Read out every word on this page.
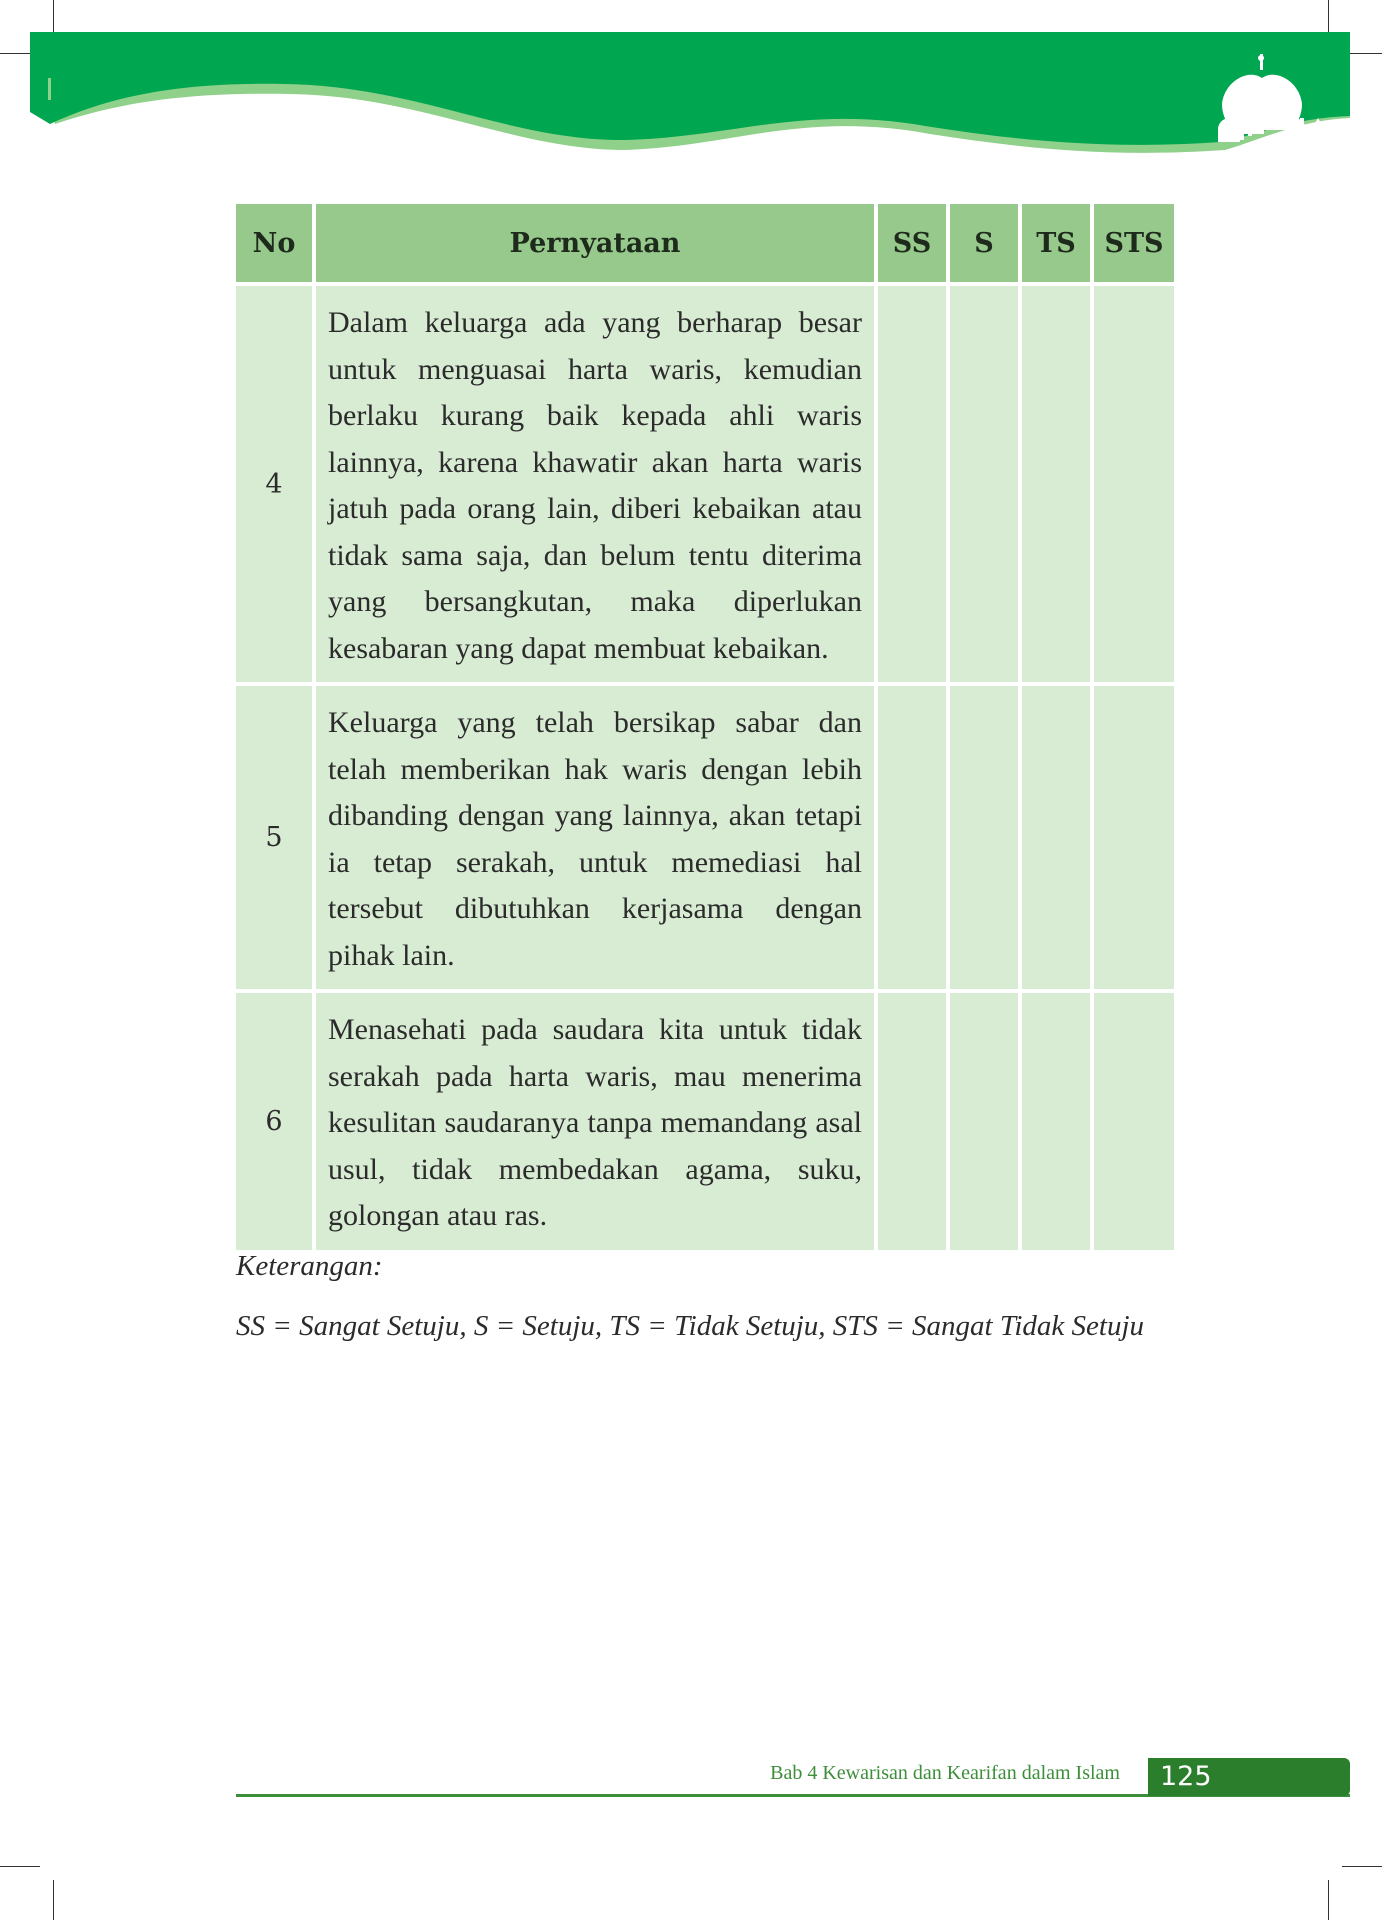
No	Pernyataan	SS	S	TS	STS
4	Dalam keluarga ada yang berharap besar untuk menguasai harta waris, kemudian berlaku kurang baik kepada ahli waris lainnya, karena khawatir akan harta waris jatuh pada orang lain, diberi kebaikan atau tidak sama saja, dan belum tentu diterima yang bersangkutan, maka diperlukan kesabaran yang dapat membuat kebaikan.				
5	Keluarga yang telah bersikap sabar dan telah memberikan hak waris dengan lebih dibanding dengan yang lainnya, akan tetapi ia tetap serakah, untuk memediasi hal tersebut dibutuhkan kerjasama dengan pihak lain.				
6	Menasehati pada saudara kita untuk tidak serakah pada harta waris, mau menerima kesulitan saudaranya tanpa memandang asal usul, tidak membedakan agama, suku, golongan atau ras.				
Keterangan:
SS = Sangat Setuju, S = Setuju, TS = Tidak Setuju, STS = Sangat Tidak Setuju
Bab 4 Kewarisan dan Kearifan dalam Islam 125
